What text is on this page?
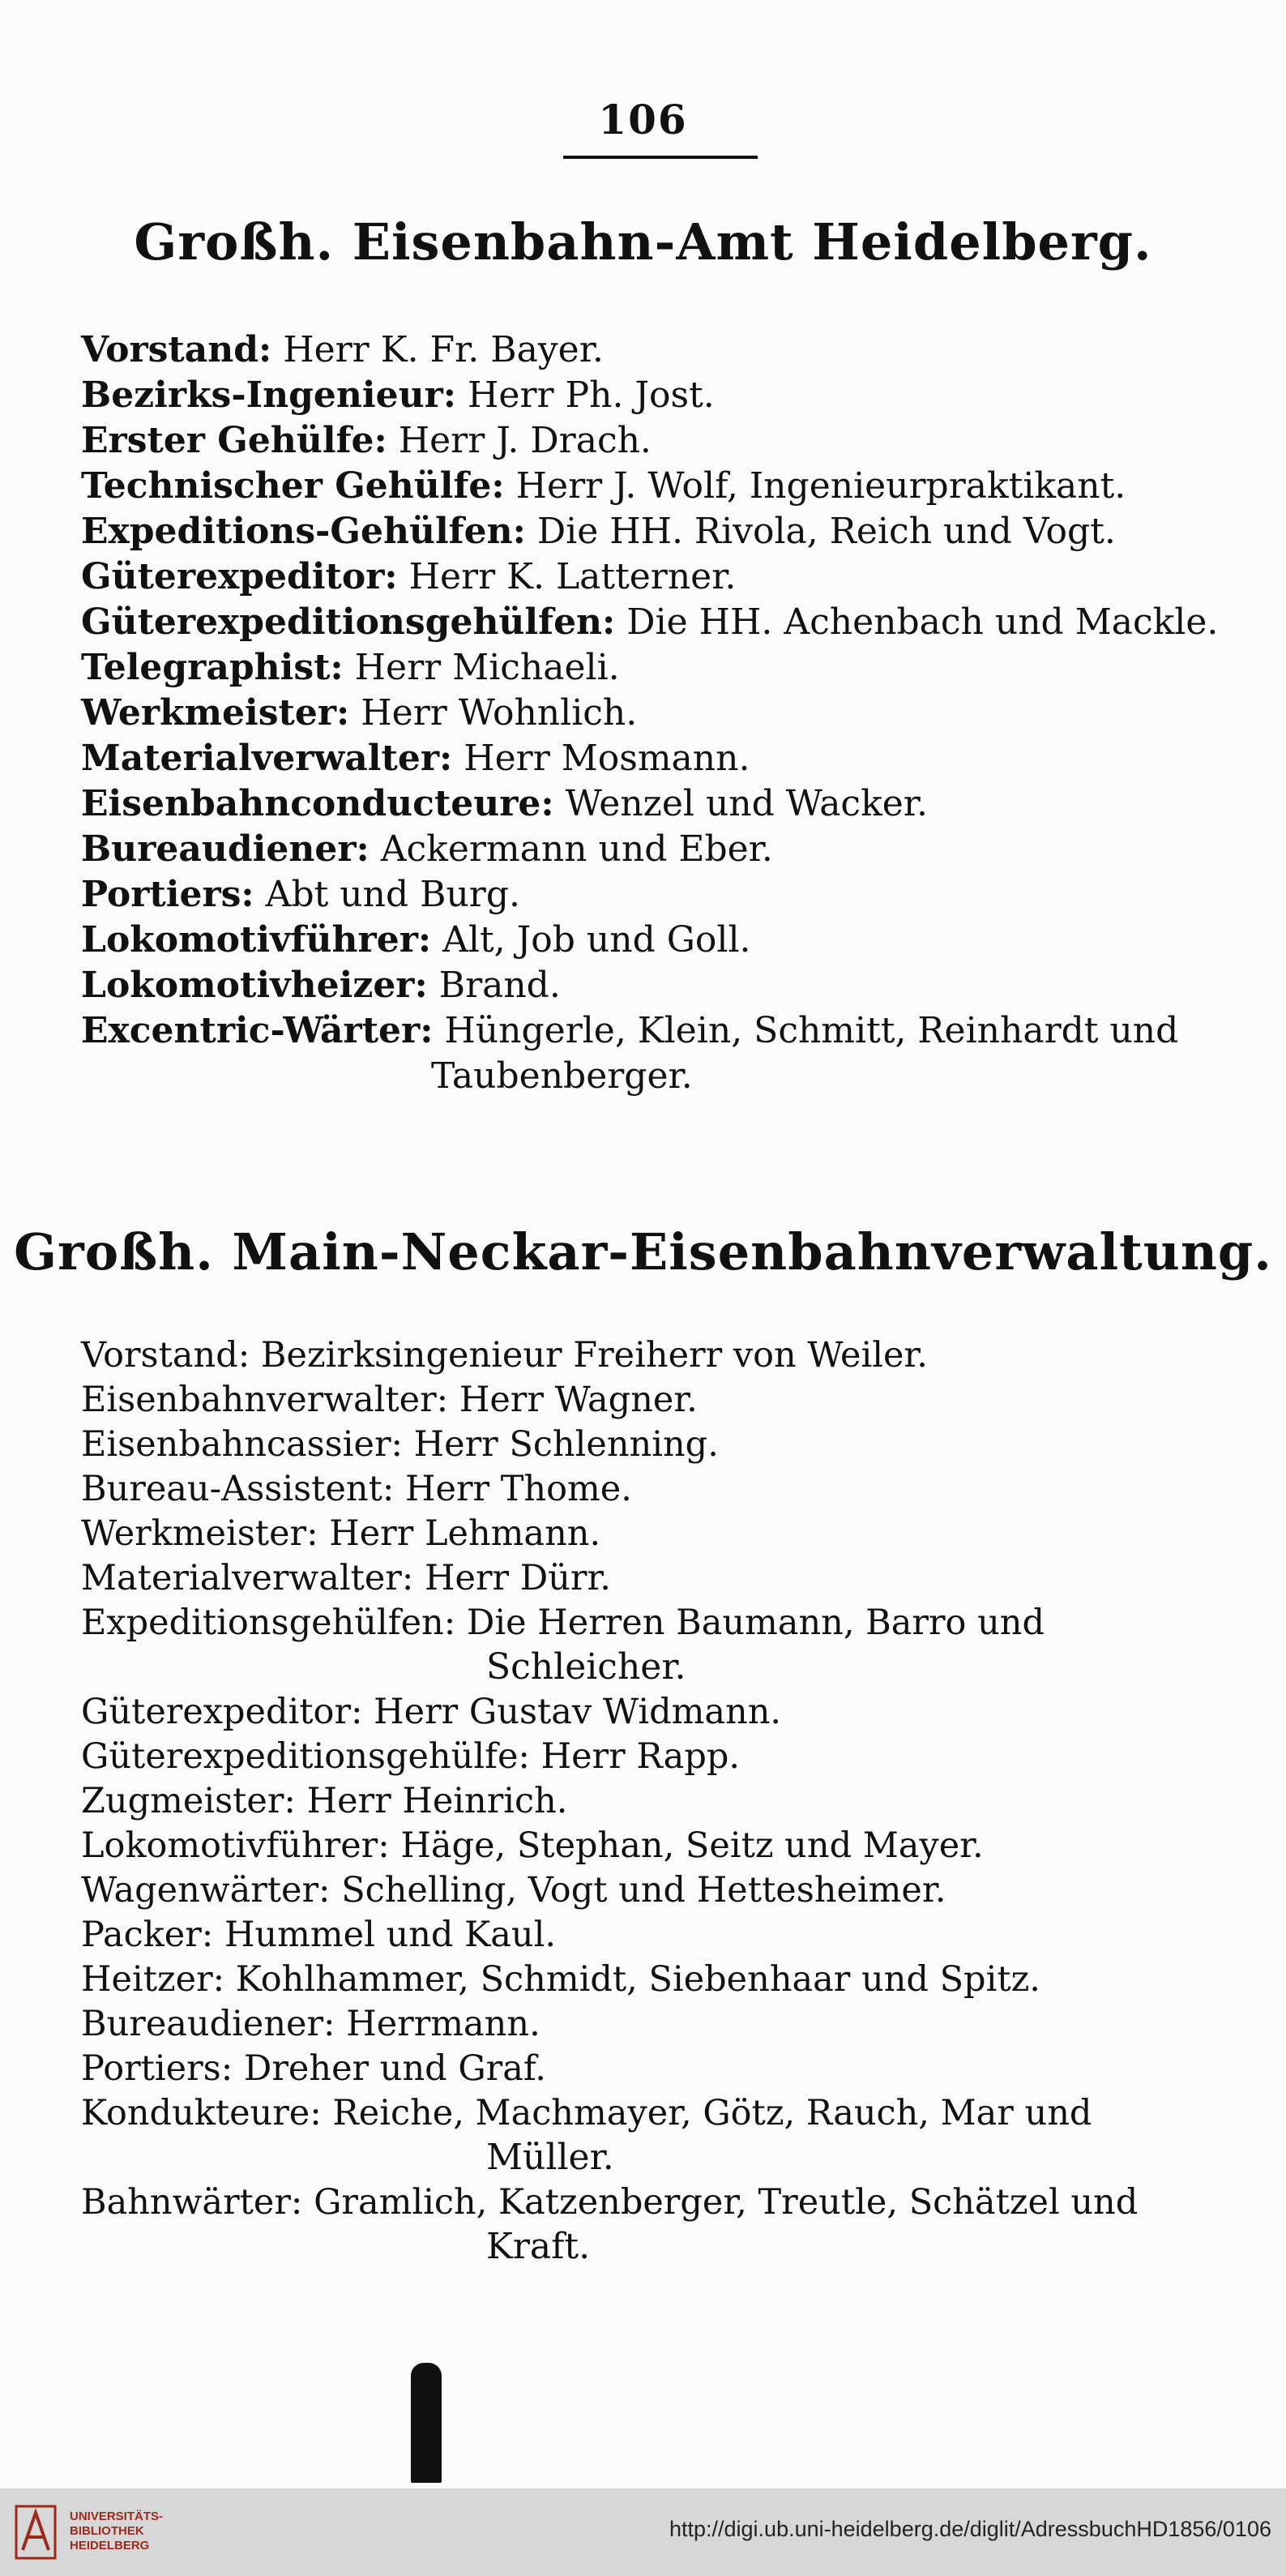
106
Großh. Eisenbahn-Amt Heidelberg.
Vorstand: Herr K. Fr. Bayer.
Bezirks-Ingenieur: Herr Ph. Jost.
Erster Gehülfe: Herr J. Drach.
Technischer Gehülfe: Herr J. Wolf, Ingenieurpraktikant.
Expeditions-Gehülfen: Die HH. Rivola, Reich und Vogt.
Güterexpeditor: Herr K. Latterner.
Güterexpeditionsgehülfen: Die HH. Achenbach und Mackle.
Telegraphist: Herr Michaeli.
Werkmeister: Herr Wohnlich.
Materialverwalter: Herr Mosmann.
Eisenbahnconducteure: Wenzel und Wacker.
Bureaudiener: Ackermann und Eber.
Portiers: Abt und Burg.
Lokomotivführer: Alt, Job und Goll.
Lokomotivheizer: Brand.
Excentric-Wärter: Hüngerle, Klein, Schmitt, Reinhardt und
Taubenberger.
Großh. Main-Neckar-Eisenbahnverwaltung.
Vorstand: Bezirksingenieur Freiherr von Weiler.
Eisenbahnverwalter: Herr Wagner.
Eisenbahncassier: Herr Schlenning.
Bureau-Assistent: Herr Thome.
Werkmeister: Herr Lehmann.
Materialverwalter: Herr Dürr.
Expeditionsgehülfen: Die Herren Baumann, Barro und
Schleicher.
Güterexpeditor: Herr Gustav Widmann.
Güterexpeditionsgehülfe: Herr Rapp.
Zugmeister: Herr Heinrich.
Lokomotivführer: Häge, Stephan, Seitz und Mayer.
Wagenwärter: Schelling, Vogt und Hettesheimer.
Packer: Hummel und Kaul.
Heitzer: Kohlhammer, Schmidt, Siebenhaar und Spitz.
Bureaudiener: Herrmann.
Portiers: Dreher und Graf.
Kondukteure: Reiche, Machmayer, Götz, Rauch, Mar und
Müller.
Bahnwärter: Gramlich, Katzenberger, Treutle, Schätzel und
Kraft.
UNIVERSITÄTS-
BIBLIOTHEK
HEIDELBERG
http://digi.ub.uni-heidelberg.de/diglit/AdressbuchHD1856/0106
